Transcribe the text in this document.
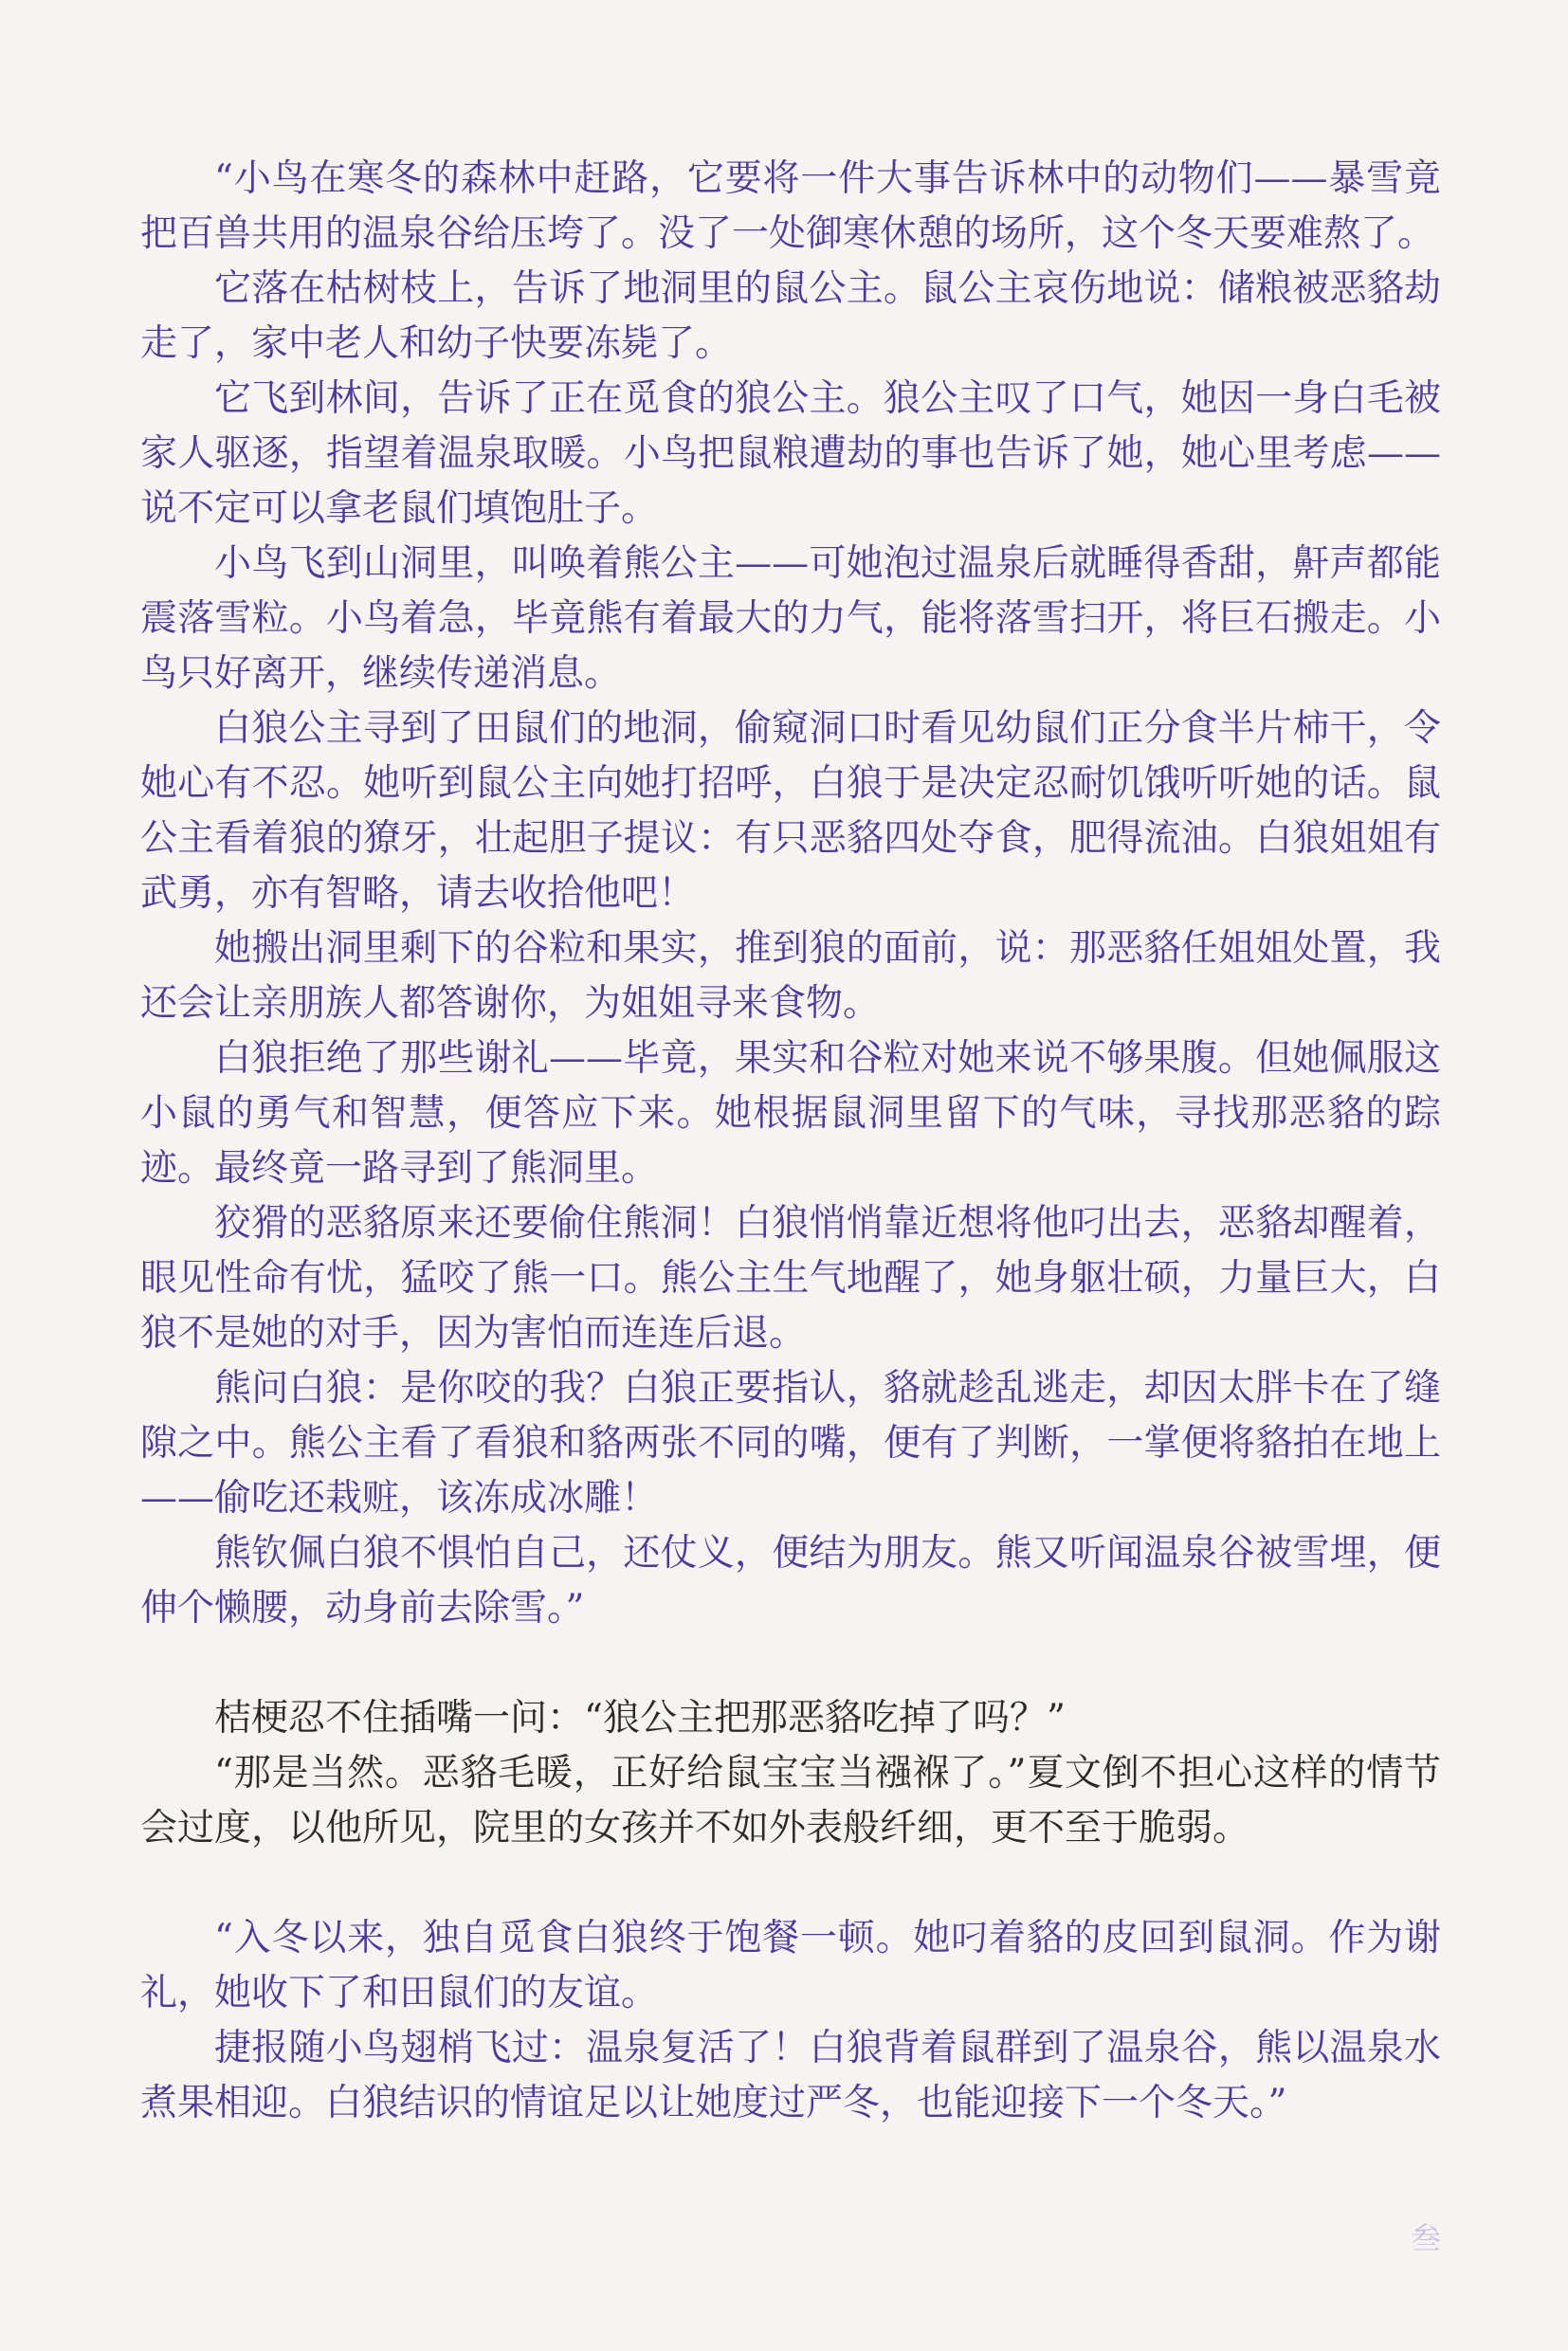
“小鸟在寒冬的森林中赶路，它要将一件大事告诉林中的动物们——暴雪竟把百兽共用的温泉谷给压垮了。没了一处御寒休憩的场所，这个冬天要难熬了。

它落在枯树枝上，告诉了地洞里的鼠公主。鼠公主哀伤地说：储粮被恶貉劫走了，家中老人和幼子快要冻毙了。

它飞到林间，告诉了正在觅食的狼公主。狼公主叹了口气，她因一身白毛被家人驱逐，指望着温泉取暖。小鸟把鼠粮遭劫的事也告诉了她，她心里考虑——说不定可以拿老鼠们填饱肚子。

小鸟飞到山洞里，叫唤着熊公主——可她泡过温泉后就睡得香甜，鼾声都能震落雪粒。小鸟着急，毕竟熊有着最大的力气，能将落雪扫开，将巨石搬走。小鸟只好离开，继续传递消息。

白狼公主寻到了田鼠们的地洞，偷窥洞口时看见幼鼠们正分食半片柿干，令她心有不忍。她听到鼠公主向她打招呼，白狼于是决定忍耐饥饿听听她的话。鼠公主看着狼的獠牙，壮起胆子提议：有只恶貉四处夺食，肥得流油。白狼姐姐有武勇，亦有智略，请去收拾他吧！

她搬出洞里剩下的谷粒和果实，推到狼的面前，说：那恶貉任姐姐处置，我还会让亲朋族人都答谢你，为姐姐寻来食物。

白狼拒绝了那些谢礼——毕竟，果实和谷粒对她来说不够果腹。但她佩服这小鼠的勇气和智慧，便答应下来。她根据鼠洞里留下的气味，寻找那恶貉的踪迹。最终竟一路寻到了熊洞里。

狡猾的恶貉原来还要偷住熊洞！白狼悄悄靠近想将他叼出去，恶貉却醒着，眼见性命有忧，猛咬了熊一口。熊公主生气地醒了，她身躯壮硕，力量巨大，白狼不是她的对手，因为害怕而连连后退。

熊问白狼：是你咬的我？白狼正要指认，貉就趁乱逃走，却因太胖卡在了缝隙之中。熊公主看了看狼和貉两张不同的嘴，便有了判断，一掌便将貉拍在地上——偷吃还栽赃，该冻成冰雕！

熊钦佩白狼不惧怕自己，还仗义，便结为朋友。熊又听闻温泉谷被雪埋，便伸个懒腰，动身前去除雪。”

桔梗忍不住插嘴一问：“狼公主把那恶貉吃掉了吗？”

“那是当然。恶貉毛暖，正好给鼠宝宝当襁褓了。”夏文倒不担心这样的情节会过度，以他所见，院里的女孩并不如外表般纤细，更不至于脆弱。

“入冬以来，独自觅食白狼终于饱餐一顿。她叼着貉的皮回到鼠洞。作为谢礼，她收下了和田鼠们的友谊。

捷报随小鸟翅梢飞过：温泉复活了！白狼背着鼠群到了温泉谷，熊以温泉水煮果相迎。白狼结识的情谊足以让她度过严冬，也能迎接下一个冬天。”

叁
